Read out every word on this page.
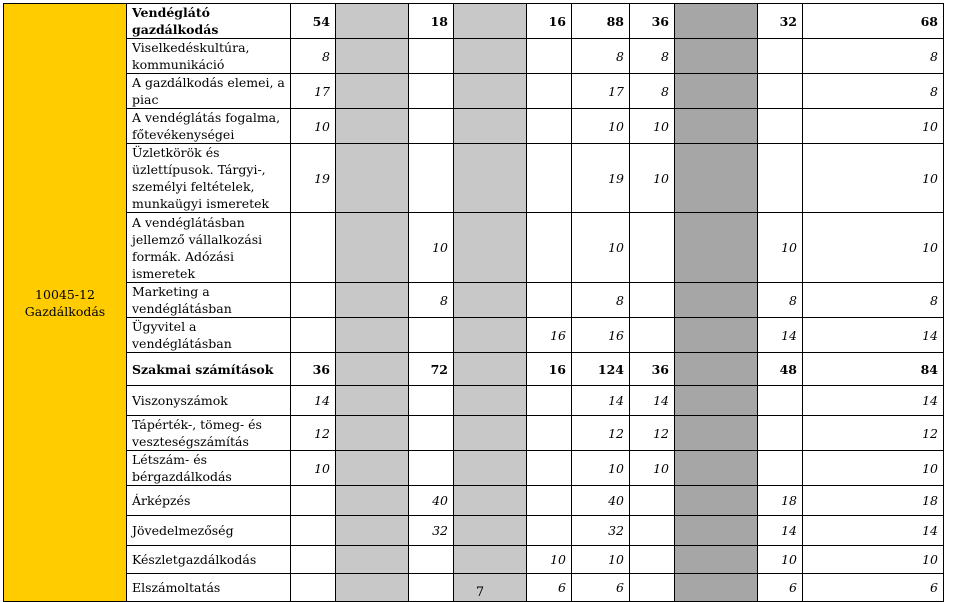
10045-12 Gazdálkodás	Vendéglátó gazdálkodás	54		18		16	88	36		32	68
	Viselkedéskultúra, kommunikáció	8					8	8			8
	A gazdálkodás elemei, a piac	17					17	8			8
	A vendéglátás fogalma, főtevékenységei	10					10	10			10
	Üzletkörök és üzlettípusok. Tárgyi-, személyi feltételek, munkaügyi ismeretek	19					19	10			10
	A vendéglátásban jellemző vállalkozási formák. Adózási ismeretek			10			10			10	10
	Marketing a vendéglátásban			8			8			8	8
	Ügyvitel a vendéglátásban					16	16			14	14
	Szakmai számítások	36		72		16	124	36		48	84
	Viszonyszámok	14					14	14			14
	Tápérték-, tömeg- és veszteségszámítás	12					12	12			12
	Létszám- és bérgazdálkodás	10					10	10			10
	Árképzés			40			40			18	18
	Jövedelmezőség			32			32			14	14
	Készletgazdálkodás					10	10			10	10
	Elszámoltatás					6	6			6	6
7
